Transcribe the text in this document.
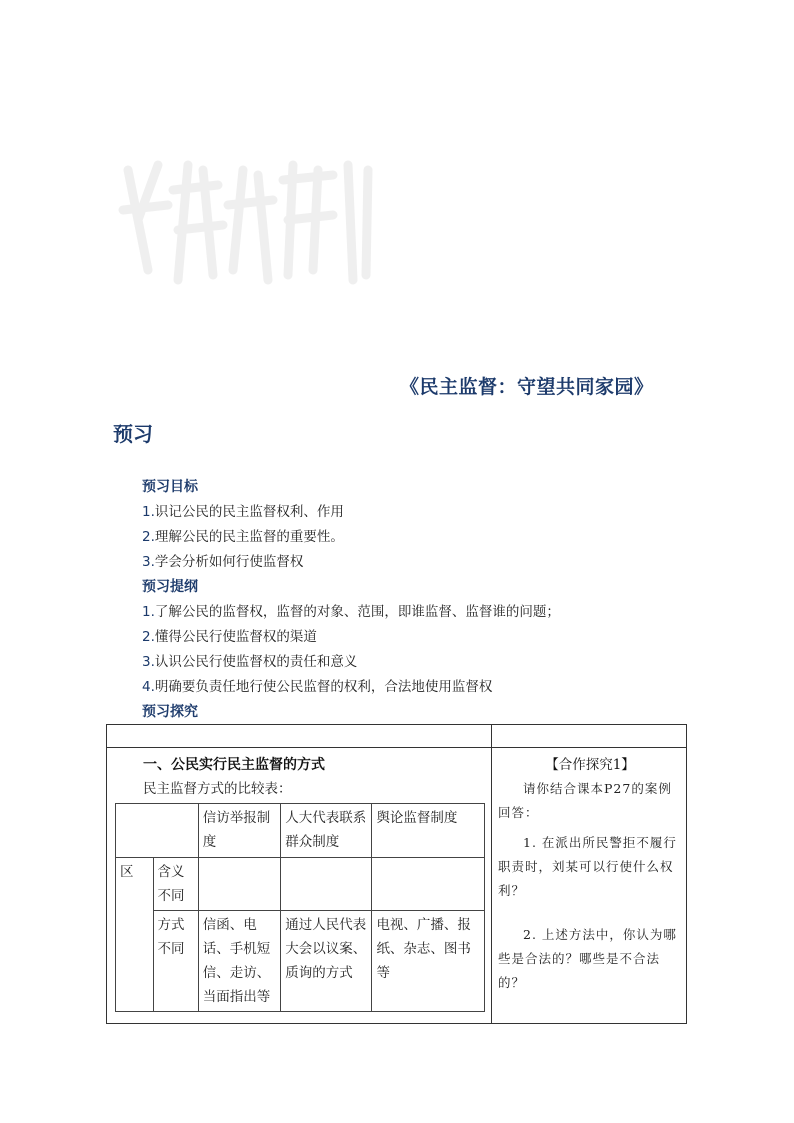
《民主监督：守望共同家园》
预习
预习目标
1.识记公民的民主监督权利、作用
2.理解公民的民主监督的重要性。
3.学会分析如何行使监督权
预习提纲
1.了解公民的监督权，监督的对象、范围，即谁监督、监督谁的问题；
2.懂得公民行使监督权的渠道
3.认识公民行使监督权的责任和意义
4.明确要负责任地行使公民监督的权利，合法地使用监督权
预习探究
一、公民实行民主监督的方式
民主监督方式的比较表：
		信访举报制度	人大代表联系群众制度	舆论监督制度
区	含义不同			
	方式不同	信函、电话、手机短信、走访、当面指出等	通过人民代表大会以议案、质询的方式	电视、广播、报纸、杂志、图书等
【合作探究1】

请你结合课本P27的案例回答：

1. 在派出所民警拒不履行职责时，刘某可以行使什么权利？

2. 上述方法中，你认为哪些是合法的？哪些是不合法的？
